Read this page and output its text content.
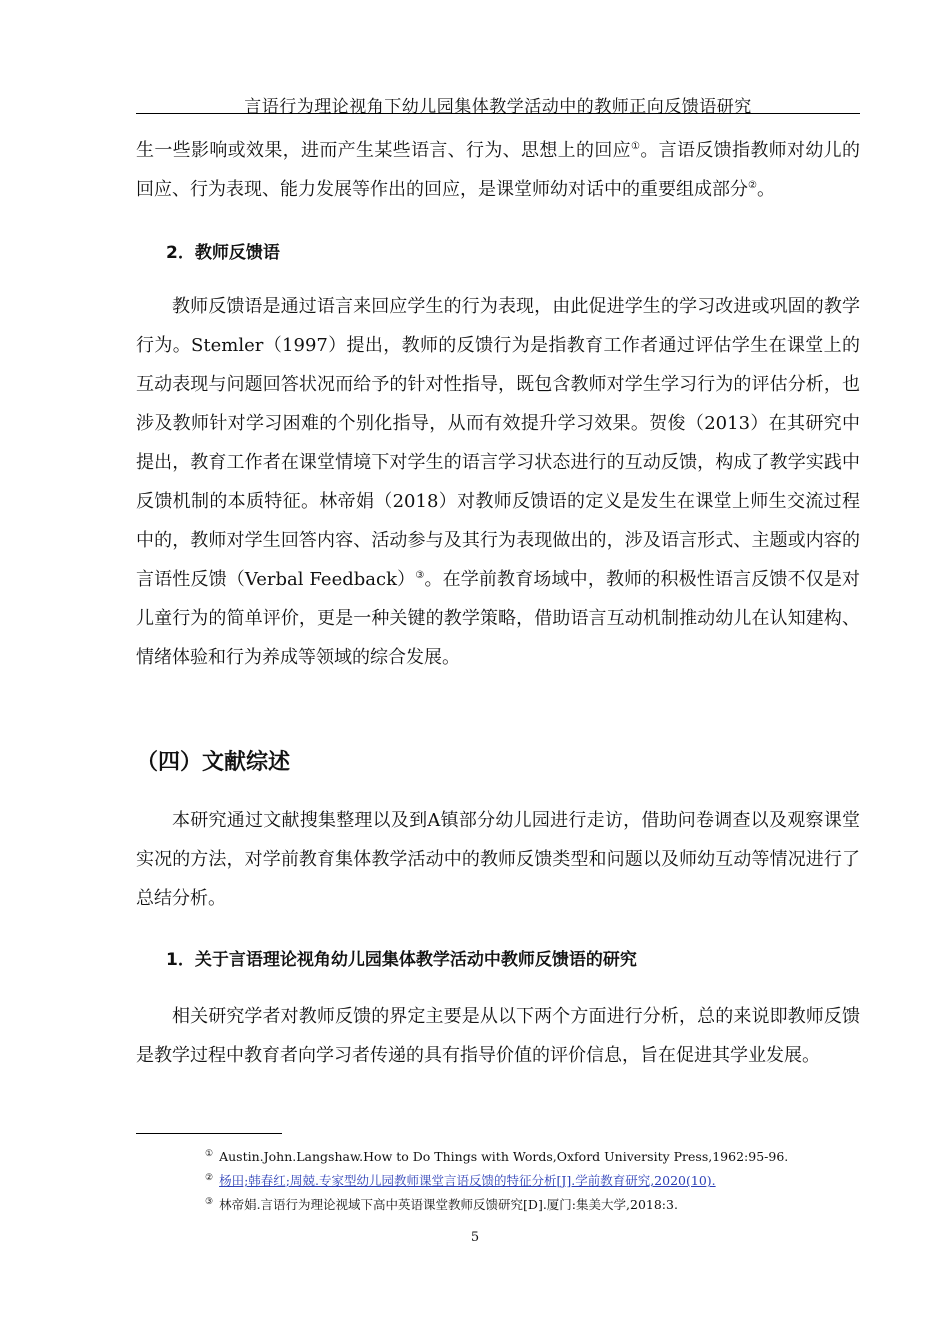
言语行为理论视角下幼儿园集体教学活动中的教师正向反馈语研究

生一些影响或效果，进而产生某些语言、行为、思想上的回应①。言语反馈指教师对幼儿的回应、行为表现、能力发展等作出的回应，是课堂师幼对话中的重要组成部分②。

2．教师反馈语

教师反馈语是通过语言来回应学生的行为表现，由此促进学生的学习改进或巩固的教学行为。Stemler（1997）提出，教师的反馈行为是指教育工作者通过评估学生在课堂上的互动表现与问题回答状况而给予的针对性指导，既包含教师对学生学习行为的评估分析，也涉及教师针对学习困难的个别化指导，从而有效提升学习效果。贺俊（2013）在其研究中提出，教育工作者在课堂情境下对学生的语言学习状态进行的互动反馈，构成了教学实践中反馈机制的本质特征。林帝娟（2018）对教师反馈语的定义是发生在课堂上师生交流过程中的，教师对学生回答内容、活动参与及其行为表现做出的，涉及语言形式、主题或内容的言语性反馈（Verbal Feedback）③。在学前教育场域中，教师的积极性语言反馈不仅是对儿童行为的简单评价，更是一种关键的教学策略，借助语言互动机制推动幼儿在认知建构、情绪体验和行为养成等领域的综合发展。

（四）文献综述

本研究通过文献搜集整理以及到A镇部分幼儿园进行走访，借助问卷调查以及观察课堂实况的方法，对学前教育集体教学活动中的教师反馈类型和问题以及师幼互动等情况进行了总结分析。

1．关于言语理论视角幼儿园集体教学活动中教师反馈语的研究

相关研究学者对教师反馈的界定主要是从以下两个方面进行分析，总的来说即教师反馈是教学过程中教育者向学习者传递的具有指导价值的评价信息，旨在促进其学业发展。

① Austin.John.Langshaw.How to Do Things with Words,Oxford University Press,1962:95-96.

② 杨田;韩春红;周兢.专家型幼儿园教师课堂言语反馈的特征分析[J].学前教育研究,2020(10).

③ 林帝娟.言语行为理论视域下高中英语课堂教师反馈研究[D].厦门:集美大学,2018:3.

5
